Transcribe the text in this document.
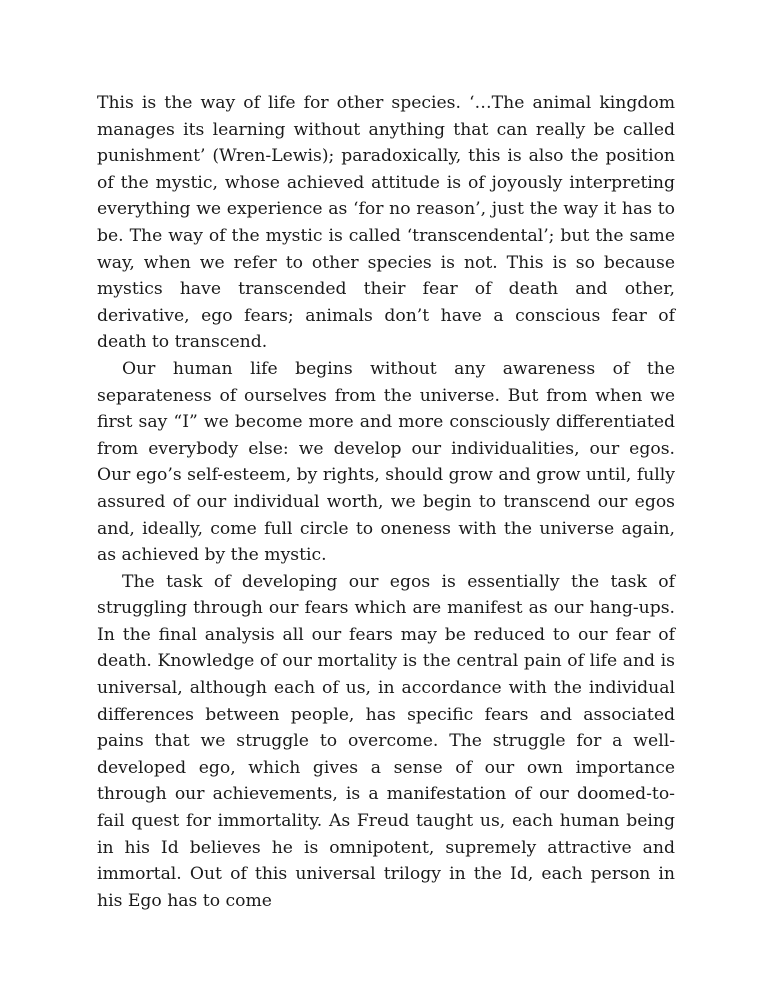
This is the way of life for other species. ‘…The animal kingdom manages its learning without anything that can really be called punishment’ (Wren-Lewis); paradoxically, this is also the position of the mystic, whose achieved attitude is of joyously interpreting everything we experience as ‘for no reason’, just the way it has to be. The way of the mystic is called ‘transcendental’; but the same way, when we refer to other species is not. This is so because mystics have transcended their fear of death and other, derivative, ego fears; animals don’t have a conscious fear of death to transcend.

Our human life begins without any awareness of the separateness of ourselves from the universe. But from when we first say “I” we become more and more consciously differentiated from everybody else: we develop our individualities, our egos. Our ego’s self-esteem, by rights, should grow and grow until, fully assured of our individual worth, we begin to transcend our egos and, ideally, come full circle to oneness with the universe again, as achieved by the mystic.

The task of developing our egos is essentially the task of struggling through our fears which are manifest as our hang-ups. In the final analysis all our fears may be reduced to our fear of death. Knowledge of our mortality is the central pain of life and is universal, although each of us, in accordance with the individual differences between people, has specific fears and associated pains that we struggle to overcome. The struggle for a well-developed ego, which gives a sense of our own importance through our achievements, is a manifestation of our doomed-to-fail quest for immortality. As Freud taught us, each human being in his Id believes he is omnipotent, supremely attractive and immortal. Out of this universal trilogy in the Id, each person in his Ego has to come
